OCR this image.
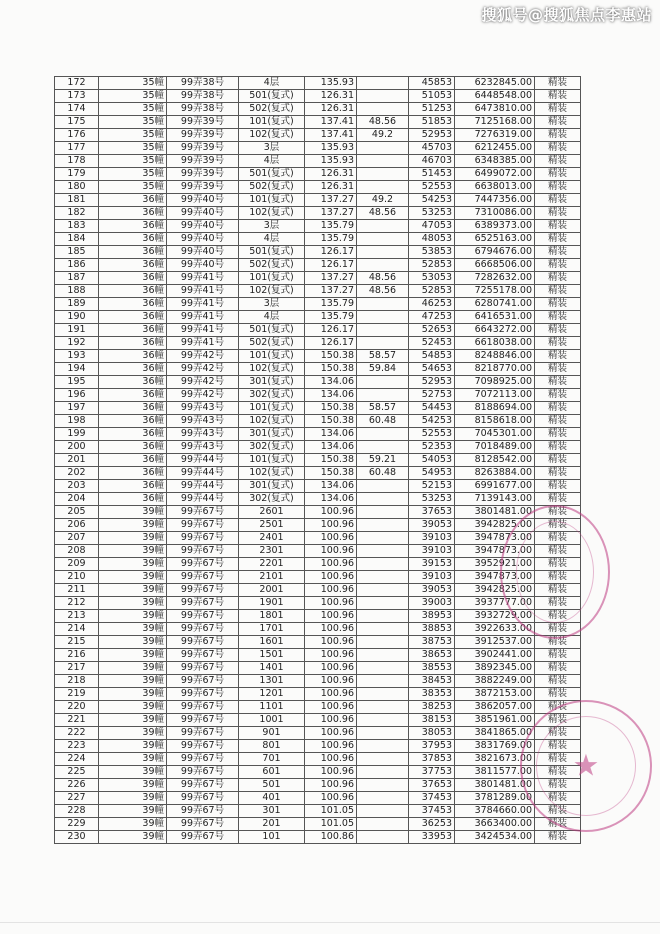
搜狐号@搜狐焦点李惠站
172	35幢	99弄38号	4层	135.93		45853	6232845.00	精装
173	35幢	99弄38号	501(复式)	126.31		51053	6448548.00	精装
174	35幢	99弄38号	502(复式)	126.31		51253	6473810.00	精装
175	35幢	99弄39号	101(复式)	137.41	48.56	51853	7125168.00	精装
176	35幢	99弄39号	102(复式)	137.41	49.2	52953	7276319.00	精装
177	35幢	99弄39号	3层	135.93		45703	6212455.00	精装
178	35幢	99弄39号	4层	135.93		46703	6348385.00	精装
179	35幢	99弄39号	501(复式)	126.31		51453	6499072.00	精装
180	35幢	99弄39号	502(复式)	126.31		52553	6638013.00	精装
181	36幢	99弄40号	101(复式)	137.27	49.2	54253	7447356.00	精装
182	36幢	99弄40号	102(复式)	137.27	48.56	53253	7310086.00	精装
183	36幢	99弄40号	3层	135.79		47053	6389373.00	精装
184	36幢	99弄40号	4层	135.79		48053	6525163.00	精装
185	36幢	99弄40号	501(复式)	126.17		53853	6794676.00	精装
186	36幢	99弄40号	502(复式)	126.17		52853	6668506.00	精装
187	36幢	99弄41号	101(复式)	137.27	48.56	53053	7282632.00	精装
188	36幢	99弄41号	102(复式)	137.27	48.56	52853	7255178.00	精装
189	36幢	99弄41号	3层	135.79		46253	6280741.00	精装
190	36幢	99弄41号	4层	135.79		47253	6416531.00	精装
191	36幢	99弄41号	501(复式)	126.17		52653	6643272.00	精装
192	36幢	99弄41号	502(复式)	126.17		52453	6618038.00	精装
193	36幢	99弄42号	101(复式)	150.38	58.57	54853	8248846.00	精装
194	36幢	99弄42号	102(复式)	150.38	59.84	54653	8218770.00	精装
195	36幢	99弄42号	301(复式)	134.06		52953	7098925.00	精装
196	36幢	99弄42号	302(复式)	134.06		52753	7072113.00	精装
197	36幢	99弄43号	101(复式)	150.38	58.57	54453	8188694.00	精装
198	36幢	99弄43号	102(复式)	150.38	60.48	54253	8158618.00	精装
199	36幢	99弄43号	301(复式)	134.06		52553	7045301.00	精装
200	36幢	99弄43号	302(复式)	134.06		52353	7018489.00	精装
201	36幢	99弄44号	101(复式)	150.38	59.21	54053	8128542.00	精装
202	36幢	99弄44号	102(复式)	150.38	60.48	54953	8263884.00	精装
203	36幢	99弄44号	301(复式)	134.06		52153	6991677.00	精装
204	36幢	99弄44号	302(复式)	134.06		53253	7139143.00	精装
205	39幢	99弄67号	2601	100.96		37653	3801481.00	精装
206	39幢	99弄67号	2501	100.96		39053	3942825.00	精装
207	39幢	99弄67号	2401	100.96		39103	3947873.00	精装
208	39幢	99弄67号	2301	100.96		39103	3947873.00	精装
209	39幢	99弄67号	2201	100.96		39153	3952921.00	精装
210	39幢	99弄67号	2101	100.96		39103	3947873.00	精装
211	39幢	99弄67号	2001	100.96		39053	3942825.00	精装
212	39幢	99弄67号	1901	100.96		39003	3937777.00	精装
213	39幢	99弄67号	1801	100.96		38953	3932729.00	精装
214	39幢	99弄67号	1701	100.96		38853	3922633.00	精装
215	39幢	99弄67号	1601	100.96		38753	3912537.00	精装
216	39幢	99弄67号	1501	100.96		38653	3902441.00	精装
217	39幢	99弄67号	1401	100.96		38553	3892345.00	精装
218	39幢	99弄67号	1301	100.96		38453	3882249.00	精装
219	39幢	99弄67号	1201	100.96		38353	3872153.00	精装
220	39幢	99弄67号	1101	100.96		38253	3862057.00	精装
221	39幢	99弄67号	1001	100.96		38153	3851961.00	精装
222	39幢	99弄67号	901	100.96		38053	3841865.00	精装
223	39幢	99弄67号	801	100.96		37953	3831769.00	精装
224	39幢	99弄67号	701	100.96		37853	3821673.00	精装
225	39幢	99弄67号	601	100.96		37753	3811577.00	精装
226	39幢	99弄67号	501	100.96		37653	3801481.00	精装
227	39幢	99弄67号	401	100.96		37453	3781289.00	精装
228	39幢	99弄67号	301	101.05		37453	3784660.00	精装
229	39幢	99弄67号	201	101.05		36253	3663400.00	精装
230	39幢	99弄67号	101	100.86		33953	3424534.00	精装
★
